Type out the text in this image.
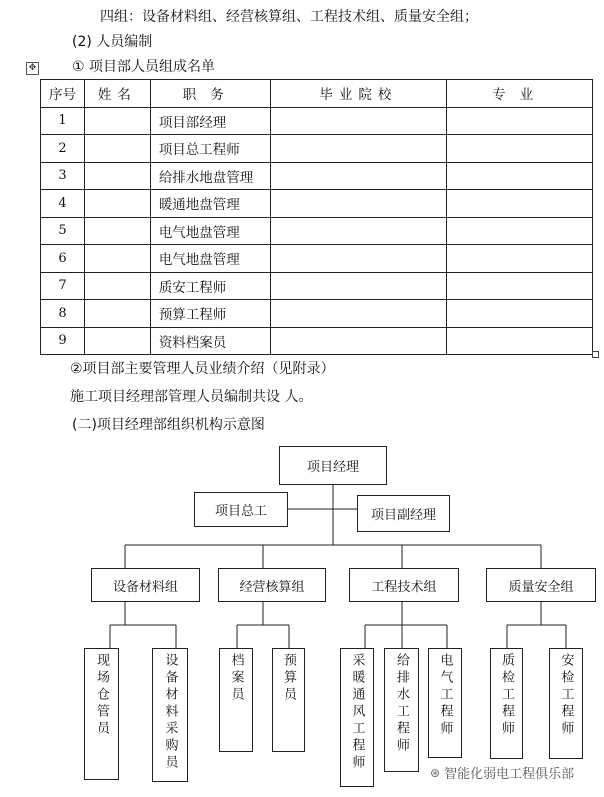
四组：设备材料组、经营核算组、工程技术组、质量安全组；
(2) 人员编制
① 项目部人员组成名单
✥
序号	姓名	职务	毕业院校	专业
1		项目部经理		
2		项目总工程师		
3		给排水地盘管理		
4		暖通地盘管理		
5		电气地盘管理		
6		电气地盘管理		
7		质安工程师		
8		预算工程师		
9		资料档案员		
②项目部主要管理人员业绩介绍（见附录）
施工项目经理部管理人员编制共设 人。
(二)项目经理部组织机构示意图
项目经理
项目总工	项目副经理
设备材料组	经营核算组	工程技术组	质量安全组
现场仓管员	设备材料采购员	档案员	预算员	采暖通风工程师	给排水工程师	电气工程师	质检工程师	安检工程师
⊛ 智能化弱电工程俱乐部
